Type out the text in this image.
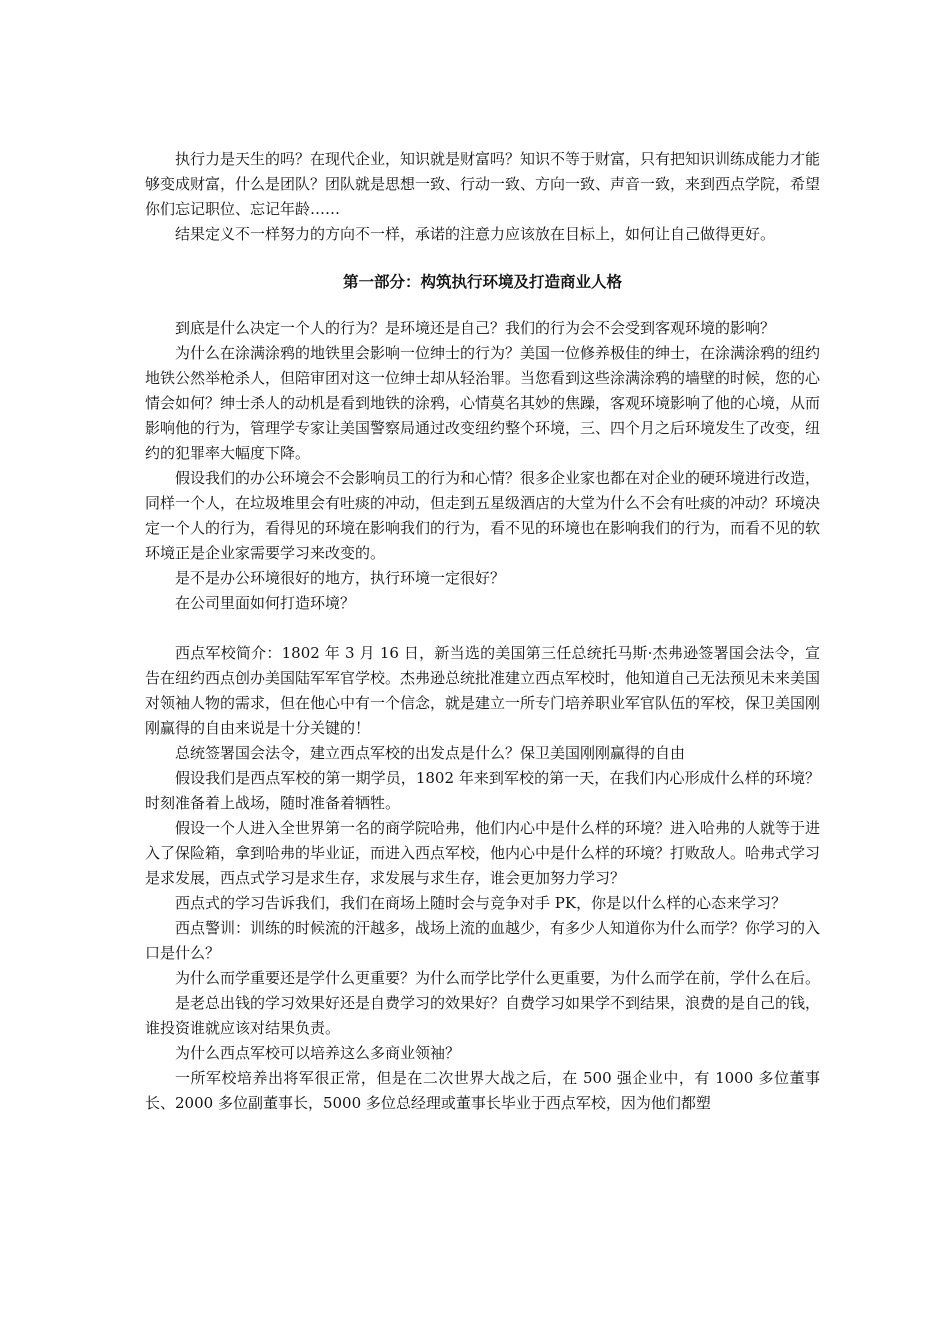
执行力是天生的吗？在现代企业，知识就是财富吗？知识不等于财富，只有把知识训练成能力才能够变成财富，什么是团队？团队就是思想一致、行动一致、方向一致、声音一致，来到西点学院，希望你们忘记职位、忘记年龄……

结果定义不一样努力的方向不一样，承诺的注意力应该放在目标上，如何让自己做得更好。

第一部分：构筑执行环境及打造商业人格

到底是什么决定一个人的行为？是环境还是自己？我们的行为会不会受到客观环境的影响？

为什么在涂满涂鸦的地铁里会影响一位绅士的行为？美国一位修养极佳的绅士，在涂满涂鸦的纽约地铁公然举枪杀人，但陪审团对这一位绅士却从轻治罪。当您看到这些涂满涂鸦的墙壁的时候，您的心情会如何？绅士杀人的动机是看到地铁的涂鸦，心情莫名其妙的焦躁，客观环境影响了他的心境，从而影响他的行为，管理学专家让美国警察局通过改变纽约整个环境，三、四个月之后环境发生了改变，纽约的犯罪率大幅度下降。

假设我们的办公环境会不会影响员工的行为和心情？很多企业家也都在对企业的硬环境进行改造，同样一个人，在垃圾堆里会有吐痰的冲动，但走到五星级酒店的大堂为什么不会有吐痰的冲动？环境决定一个人的行为，看得见的环境在影响我们的行为，看不见的环境也在影响我们的行为，而看不见的软环境正是企业家需要学习来改变的。

是不是办公环境很好的地方，执行环境一定很好？

在公司里面如何打造环境？

西点军校简介：1802 年 3 月 16 日，新当选的美国第三任总统托马斯·杰弗逊签署国会法令，宣告在纽约西点创办美国陆军军官学校。杰弗逊总统批准建立西点军校时，他知道自己无法预见未来美国对领袖人物的需求，但在他心中有一个信念，就是建立一所专门培养职业军官队伍的军校，保卫美国刚刚赢得的自由来说是十分关键的！

总统签署国会法令，建立西点军校的出发点是什么？保卫美国刚刚赢得的自由

假设我们是西点军校的第一期学员，1802 年来到军校的第一天，在我们内心形成什么样的环境？时刻准备着上战场，随时准备着牺牲。

假设一个人进入全世界第一名的商学院哈弗，他们内心中是什么样的环境？进入哈弗的人就等于进入了保险箱，拿到哈弗的毕业证，而进入西点军校，他内心中是什么样的环境？打败敌人。哈弗式学习是求发展，西点式学习是求生存，求发展与求生存，谁会更加努力学习？

西点式的学习告诉我们，我们在商场上随时会与竞争对手 PK，你是以什么样的心态来学习？

西点警训：训练的时候流的汗越多，战场上流的血越少，有多少人知道你为什么而学？你学习的入口是什么？

为什么而学重要还是学什么更重要？为什么而学比学什么更重要，为什么而学在前，学什么在后。

是老总出钱的学习效果好还是自费学习的效果好？自费学习如果学不到结果，浪费的是自己的钱，谁投资谁就应该对结果负责。

为什么西点军校可以培养这么多商业领袖？

一所军校培养出将军很正常，但是在二次世界大战之后，在 500 强企业中，有 1000 多位董事长、2000 多位副董事长，5000 多位总经理或董事长毕业于西点军校，因为他们都塑
